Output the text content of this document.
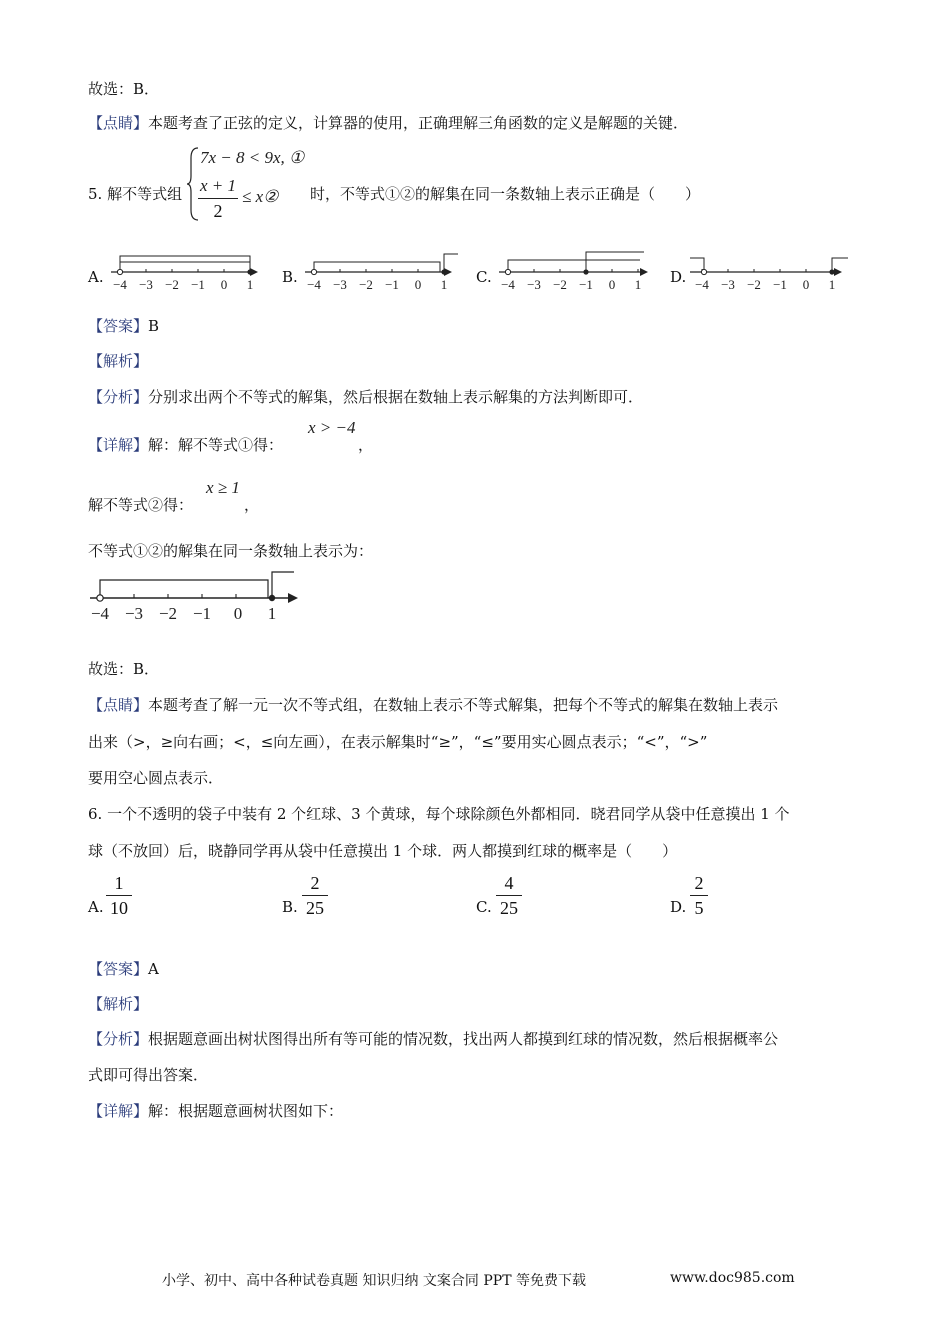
故选：B．
【点睛】本题考查了正弦的定义，计算器的使用，正确理解三角函数的定义是解题的关键．
5. 解不等式组
7x − 8 < 9x, ①
x + 1
2
≤ x② 时，不等式①②的解集在同一条数轴上表示正确是（　　）
A. −4 −3 −2 −1 0 1 B. −4 −3 −2 −1 0 1 C. −4 −3 −2 −1 0 1 D. −4 −3 −2 −1 0 1
【答案】B
【解析】
【分析】分别求出两个不等式的解集，然后根据在数轴上表示解集的方法判断即可．
【详解】解：解不等式①得：
x > −4
，
解不等式②得：
x ≥ 1
，
不等式①②的解集在同一条数轴上表示为：
−4 −3 −2 −1 0 1
故选：B．
【点睛】本题考查了解一元一次不等式组，在数轴上表示不等式解集，把每个不等式的解集在数轴上表示
出来（>，≥向右画；<，≤向左画），在表示解集时“≥”，“≤”要用实心圆点表示；“<”，“>”
要用空心圆点表示．
6. 一个不透明的袋子中装有 2 个红球、3 个黄球，每个球除颜色外都相同．晓君同学从袋中任意摸出 1 个
球（不放回）后，晓静同学再从袋中任意摸出 1 个球．两人都摸到红球的概率是（　　）
A.
1
10	B.
2
25	C.
4
25	D.
2
5
【答案】A
【解析】
【分析】根据题意画出树状图得出所有等可能的情况数，找出两人都摸到红球的情况数，然后根据概率公
式即可得出答案．
【详解】解：根据题意画树状图如下：
小学、初中、高中各种试卷真题 知识归纳 文案合同 PPT 等免费下载	www.doc985.com
